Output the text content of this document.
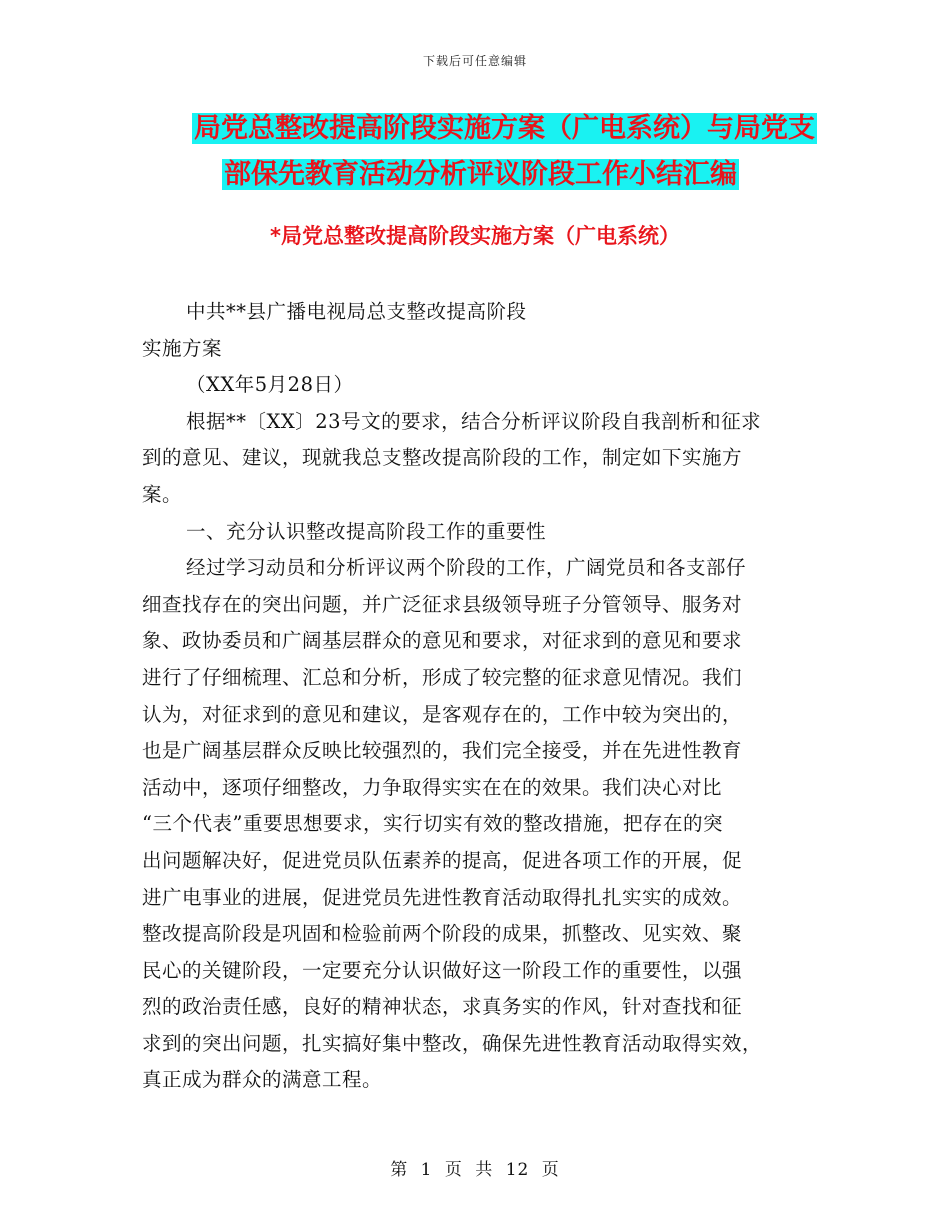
下载后可任意编辑
局党总整改提高阶段实施方案（广电系统）与局党支
部保先教育活动分析评议阶段工作小结汇编
*局党总整改提高阶段实施方案（广电系统）
中共**县广播电视局总支整改提高阶段
实施方案
（XX年5月28日）
根据**〔XX〕23号文的要求，结合分析评议阶段自我剖析和征求
到的意见、建议，现就我总支整改提高阶段的工作，制定如下实施方
案。
一、充分认识整改提高阶段工作的重要性
经过学习动员和分析评议两个阶段的工作，广阔党员和各支部仔
细查找存在的突出问题，并广泛征求县级领导班子分管领导、服务对
象、政协委员和广阔基层群众的意见和要求，对征求到的意见和要求
进行了仔细梳理、汇总和分析，形成了较完整的征求意见情况。我们
认为，对征求到的意见和建议，是客观存在的，工作中较为突出的，
也是广阔基层群众反映比较强烈的，我们完全接受，并在先进性教育
活动中，逐项仔细整改，力争取得实实在在的效果。我们决心对比
“三个代表”重要思想要求，实行切实有效的整改措施，把存在的突
出问题解决好，促进党员队伍素养的提高，促进各项工作的开展，促
进广电事业的进展，促进党员先进性教育活动取得扎扎实实的成效。
整改提高阶段是巩固和检验前两个阶段的成果，抓整改、见实效、聚
民心的关键阶段，一定要充分认识做好这一阶段工作的重要性，以强
烈的政治责任感，良好的精神状态，求真务实的作风，针对查找和征
求到的突出问题，扎实搞好集中整改，确保先进性教育活动取得实效，
真正成为群众的满意工程。
第 1 页 共 12 页
